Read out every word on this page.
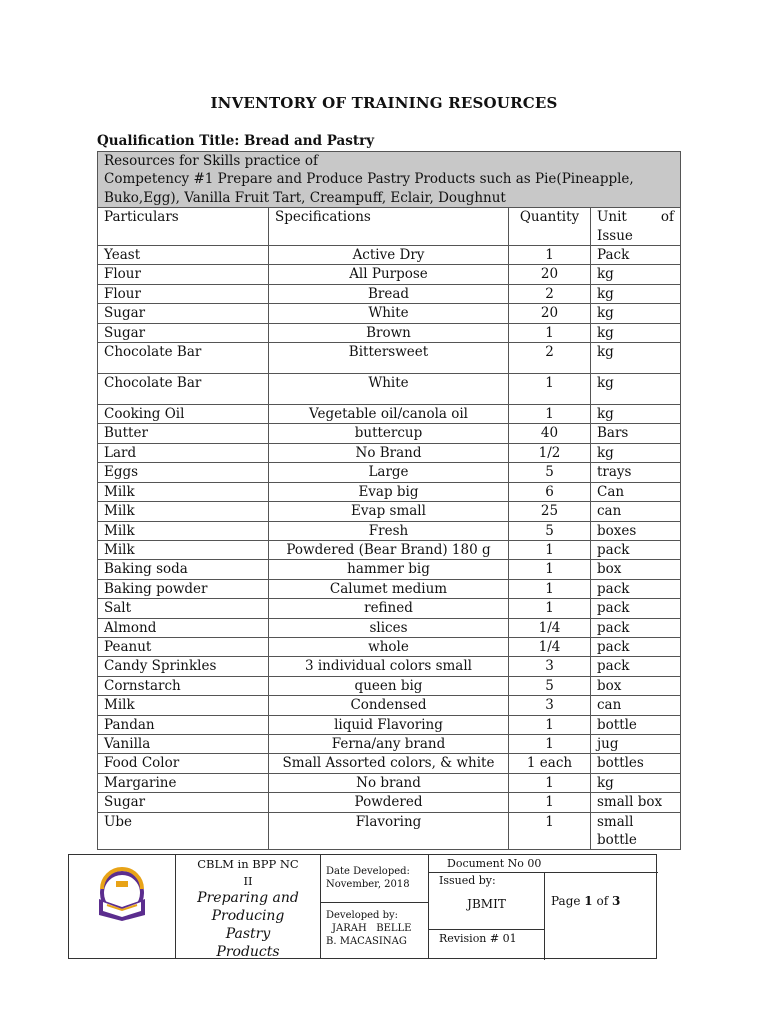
INVENTORY OF TRAINING RESOURCES
Qualification Title: Bread and Pastry
Resources for Skills practice of
Competency #1 Prepare and Produce Pastry Products such as Pie(Pineapple,
Buko,Egg), Vanilla Fruit Tart, Creampuff, Eclair, Doughnut			

Particulars	Specifications	Quantity	Unit of
Issue

Yeast	Active Dry	1	Pack
Flour	All Purpose	20	kg
Flour	Bread	2	kg
Sugar	White	20	kg
Sugar	Brown	1	kg
Chocolate Bar	Bittersweet	2	kg
Chocolate Bar	White	1	kg
Cooking Oil	Vegetable oil/canola oil	1	kg
Butter	buttercup	40	Bars
Lard	No Brand	1/2	kg
Eggs	Large	5	trays
Milk	Evap big	6	Can
Milk	Evap small	25	can
Milk	Fresh	5	boxes
Milk	Powdered (Bear Brand) 180 g	1	pack
Baking soda	hammer big	1	box
Baking powder	Calumet medium	1	pack
Salt	refined	1	pack
Almond	slices	1/4	pack
Peanut	whole	1/4	pack
Candy Sprinkles	3 individual colors small	3	pack
Cornstarch	queen big	5	box
Milk	Condensed	3	can
Pandan	liquid Flavoring	1	bottle
Vanilla	Ferna/any brand	1	jug
Food Color	Small Assorted colors, & white	1 each	bottles
Margarine	No brand	1	kg
Sugar	Powdered	1	small box
Ube	Flavoring	1	small bottle
CBLM in BPP NC
II
Preparing and
Producing
Pastry
Products
Date Developed:
November, 2018
Developed by:
JARAH   BELLE
B. MACASINAG
Document No 00
Issued by:
JBMIT
Revision # 01
Page 1 of 3
